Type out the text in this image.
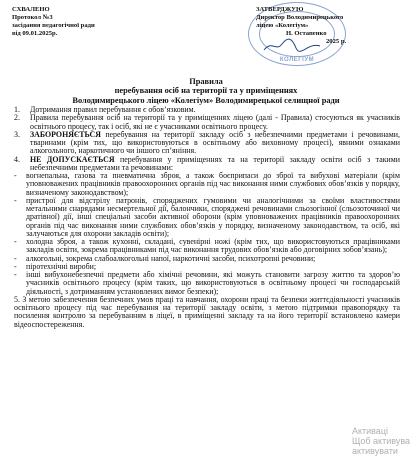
СХВАЛЕНО
Протокол №3
засідання педагогічної ради
від 09.01.2025р.
КОЛЕГІУМ
ЗАТВЕРДЖУЮ
Директор Володимирецького
ліцею «Колегіум»
Н. Остапенко
2025 р.
Правила
перебування осіб на території та у приміщеннях
Володимирецького ліцею «Колегіум» Володимирецької селищної ради
1. Дотримання правил перебування є обов’язковим.
2. Правила перебування осіб на території та у приміщеннях ліцею (далі - Правила) стосуються як учасників освітнього процесу, так і осіб, які не є учасниками освітнього процесу.
3. ЗАБОРОНЯЄТЬСЯ перебування на території закладу осіб з небезпечними предметами і речовинами, тваринами (крім тих, що використовуються в освітньому або виховному процесі), явними ознаками алкогольного, наркотичного чи іншого сп’яніння.
4. НЕ ДОПУСКАЄТЬСЯ перебування у приміщеннях та на території закладу освіти осіб з такими небезпечними предметами та речовинами:
- вогнепальна, газова та пневматична зброя, а також боєприпаси до зброї та вибухові матеріали (крім уповноважених працівників правоохоронних органів під час виконання ними службових обов’язків у порядку, визначеному законодавством);
- пристрої для відстрілу патронів, споряджених гумовими чи аналогічними за своїми властивостями метальними снарядами несмертельної дії, балончики, споряджені речовинами сльозогінної (сльозоточиної чи дратівної) дії, інші спеціальні засоби активної оборони (крім уповноважених працівників правоохоронних органів під час виконання ними службових обов’язків у порядку, визначеному законодавством, та осіб, які залучаються для охорони закладів освіти);
- холодна зброя, а також кухонні, складані, сувенірні ножі (крім тих, що використовуються працівниками закладів освіти, зокрема працівниками під час виконання трудових обов’язків або договірних зобов’язань);
- алкогольні, зокрема слабоалкогольні напої, наркотичні засоби, психотропні речовини;
- піротехнічні вироби;
- інші вибухонебезпечні предмети або хімічні речовини, які можуть становити загрозу життю та здоров’ю учасників освітнього процесу (крім таких, що використовуються в освітньому процесі чи господарській діяльності, з дотриманням установлених вимог безпеки);
5. З метою забезпечення безпечних умов праці та навчання, охорони праці та безпеки життєдіяльності учасників освітнього процесу під час перебування на території закладу освіти, з метою підтримки правопорядку та посилення контролю за перебуванням в ліцеї, в приміщенні закладу та на його території встановлено камери відеоспостереження.
Активаці
Щоб активува
активувати
